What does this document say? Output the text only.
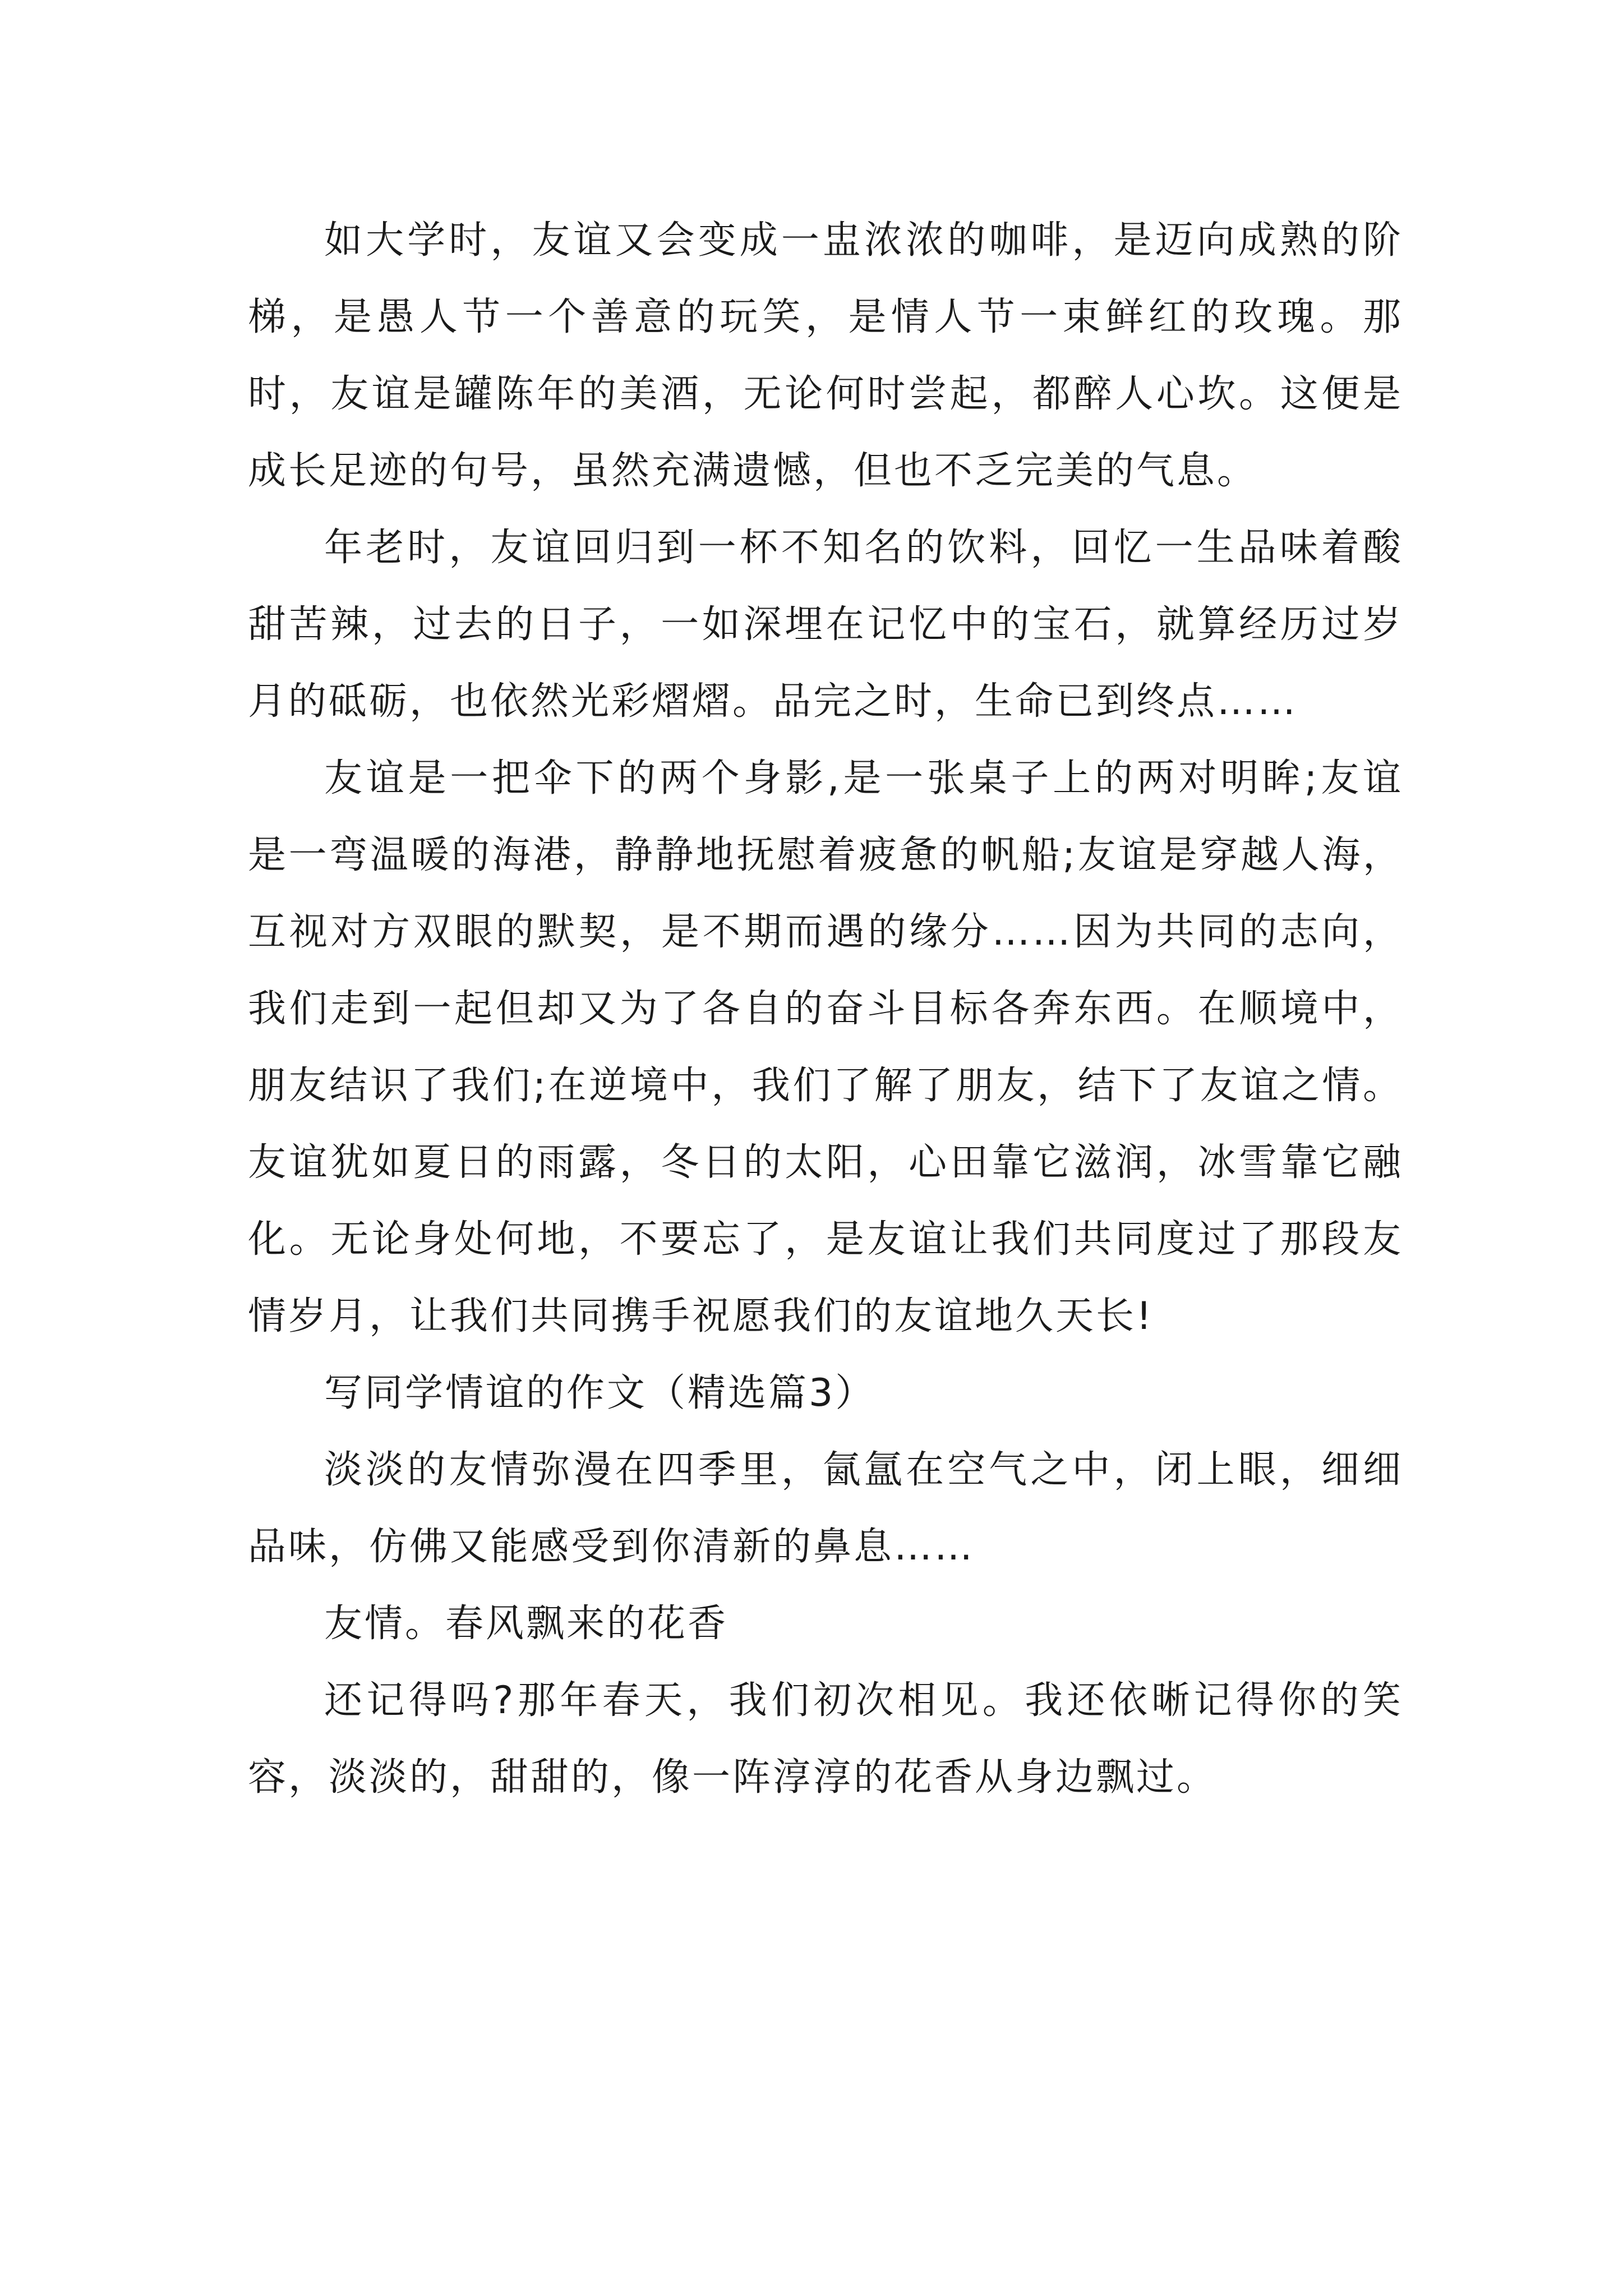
如大学时，友谊又会变成一盅浓浓的咖啡，是迈向成熟的阶梯，是愚人节一个善意的玩笑，是情人节一束鲜红的玫瑰。那时，友谊是罐陈年的美酒，无论何时尝起，都醉人心坎。这便是成长足迹的句号，虽然充满遗憾，但也不乏完美的气息。

年老时，友谊回归到一杯不知名的饮料，回忆一生品味着酸甜苦辣，过去的日子，一如深埋在记忆中的宝石，就算经历过岁月的砥砺，也依然光彩熠熠。品完之时，生命已到终点……

友谊是一把伞下的两个身影,是一张桌子上的两对明眸;友谊是一弯温暖的海港，静静地抚慰着疲惫的帆船;友谊是穿越人海，互视对方双眼的默契，是不期而遇的缘分……因为共同的志向，我们走到一起但却又为了各自的奋斗目标各奔东西。在顺境中，朋友结识了我们;在逆境中，我们了解了朋友，结下了友谊之情。友谊犹如夏日的雨露，冬日的太阳，心田靠它滋润，冰雪靠它融化。无论身处何地，不要忘了，是友谊让我们共同度过了那段友情岁月，让我们共同携手祝愿我们的友谊地久天长!

写同学情谊的作文（精选篇3）

淡淡的友情弥漫在四季里，氤氲在空气之中，闭上眼，细细品味，仿佛又能感受到你清新的鼻息……

友情。春风飘来的花香

还记得吗?那年春天，我们初次相见。我还依晰记得你的笑容，淡淡的，甜甜的，像一阵淳淳的花香从身边飘过。
